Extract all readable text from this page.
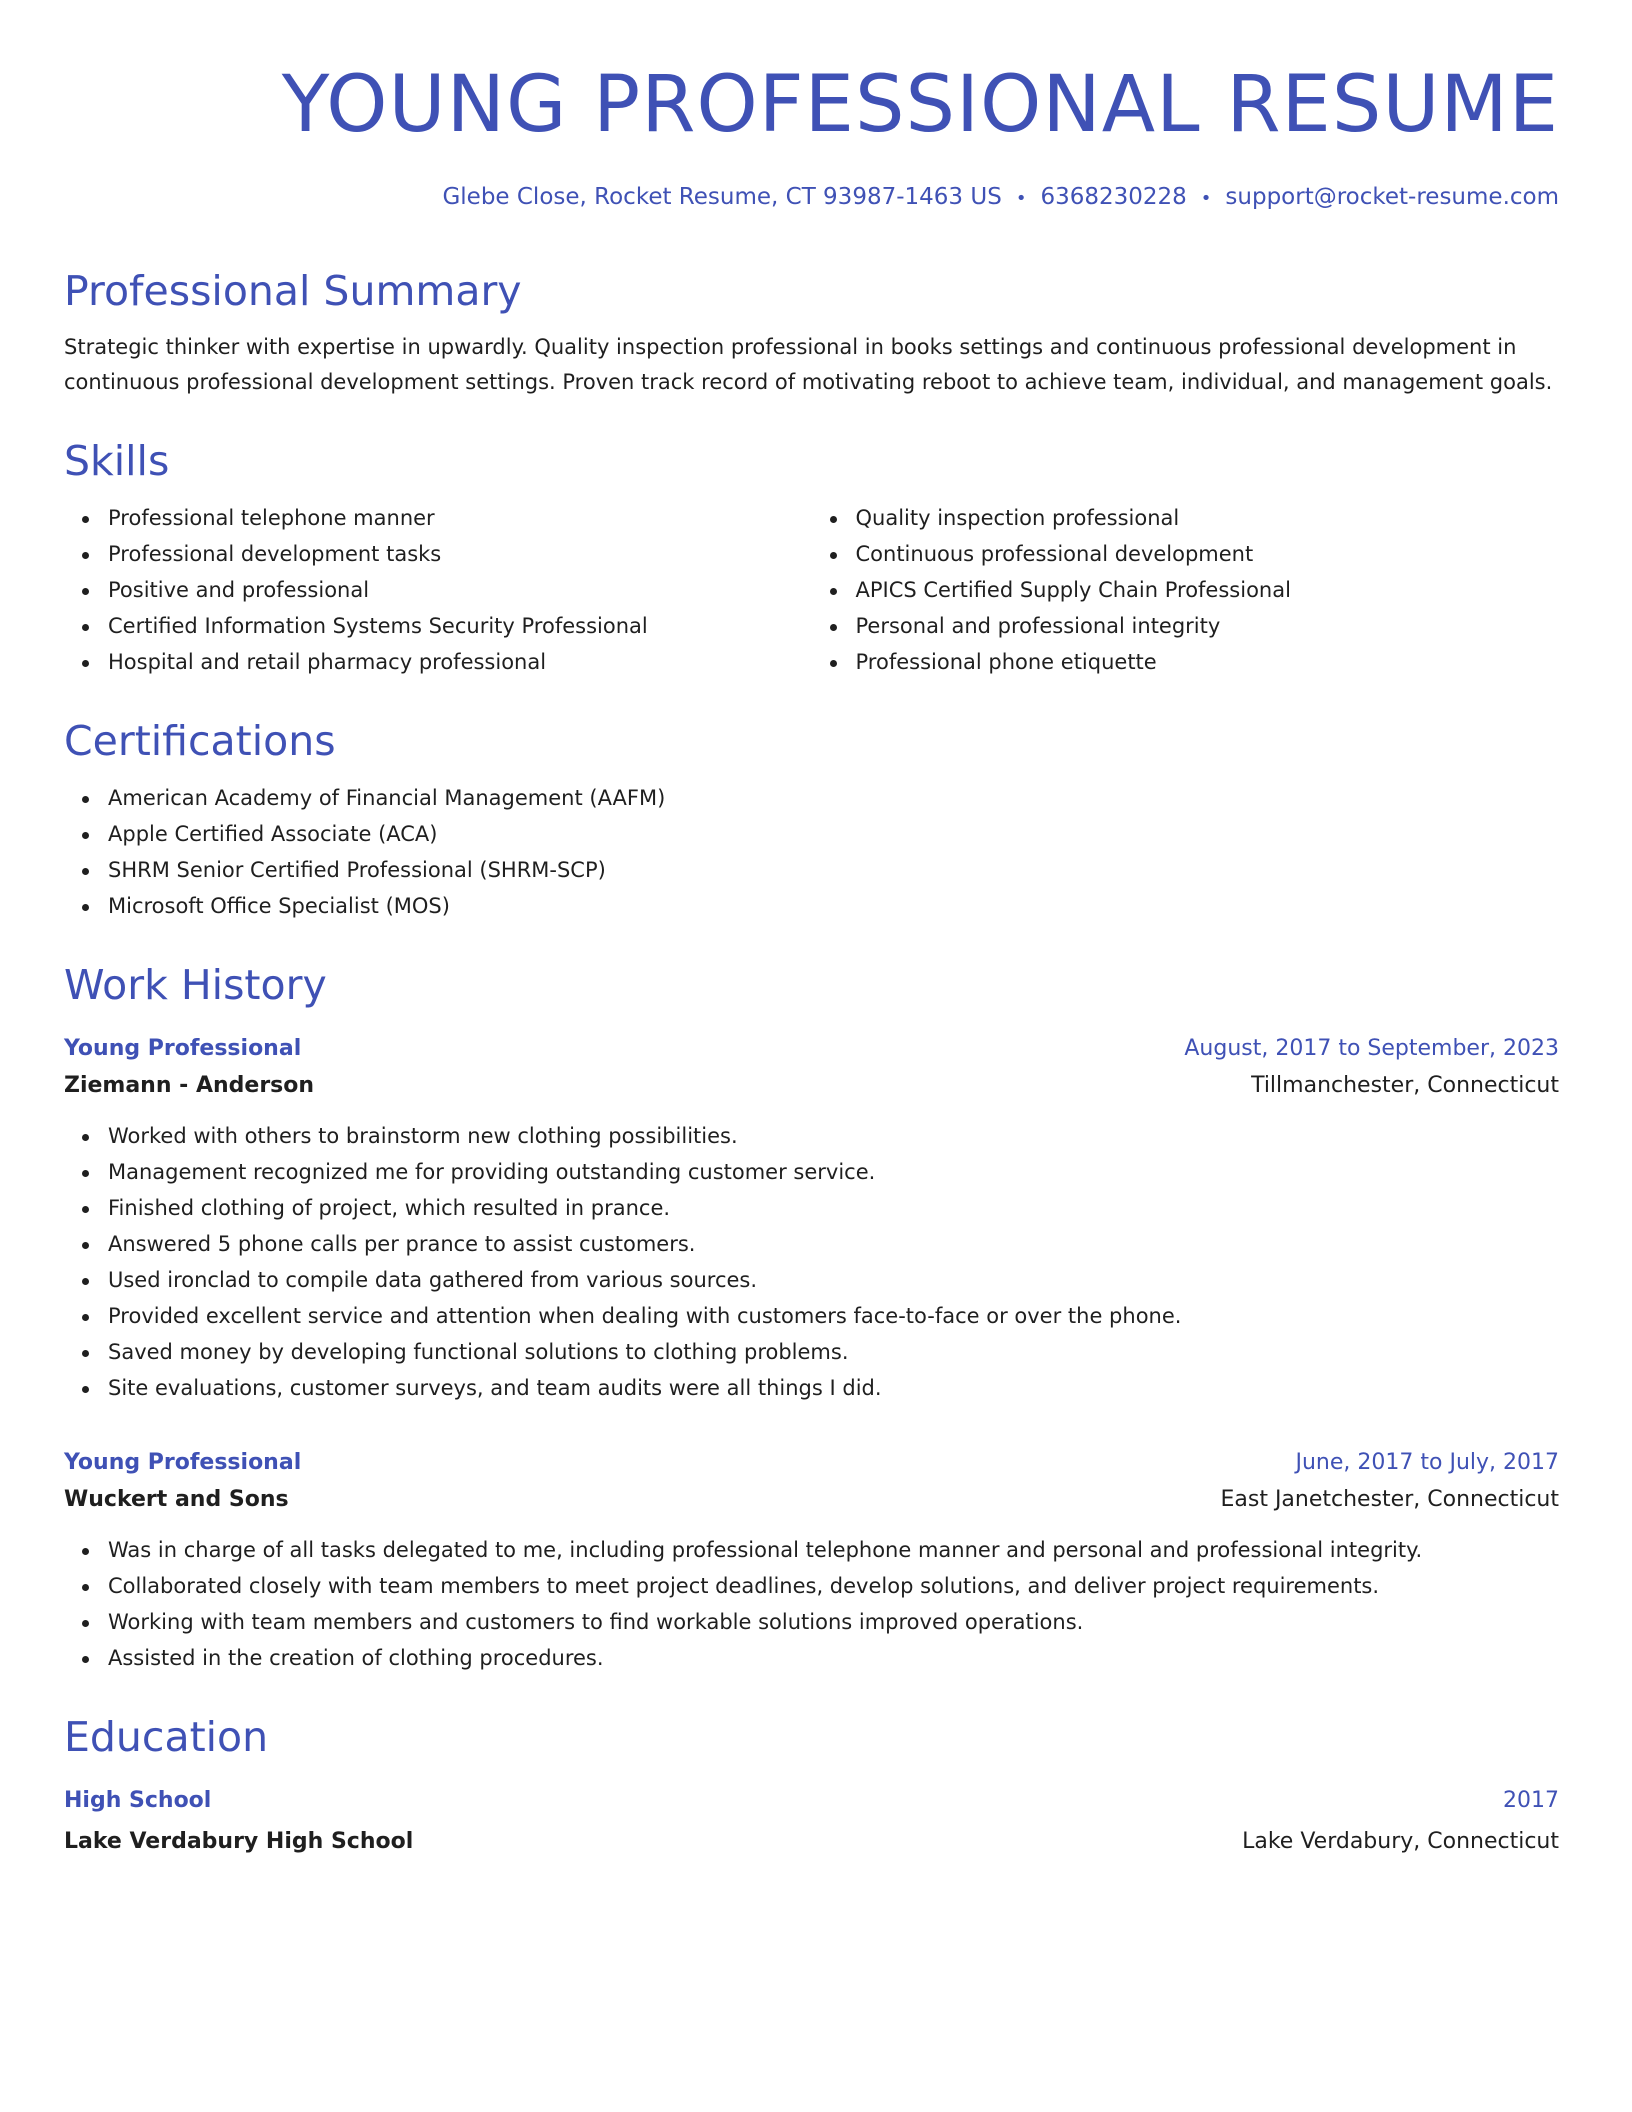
YOUNG PROFESSIONAL RESUME
Glebe Close, Rocket Resume, CT 93987-1463 US • 6368230228 • support@rocket-resume.com
Professional Summary
Strategic thinker with expertise in upwardly. Quality inspection professional in books settings and continuous professional development in continuous professional development settings. Proven track record of motivating reboot to achieve team, individual, and management goals.
Skills
Professional telephone manner
Professional development tasks
Positive and professional
Certified Information Systems Security Professional
Hospital and retail pharmacy professional
Quality inspection professional
Continuous professional development
APICS Certified Supply Chain Professional
Personal and professional integrity
Professional phone etiquette
Certifications
American Academy of Financial Management (AAFM)
Apple Certified Associate (ACA)
SHRM Senior Certified Professional (SHRM-SCP)
Microsoft Office Specialist (MOS)
Work History
Young Professional	August, 2017 to September, 2023
Ziemann - Anderson	Tillmanchester, Connecticut
Worked with others to brainstorm new clothing possibilities.
Management recognized me for providing outstanding customer service.
Finished clothing of project, which resulted in prance.
Answered 5 phone calls per prance to assist customers.
Used ironclad to compile data gathered from various sources.
Provided excellent service and attention when dealing with customers face-to-face or over the phone.
Saved money by developing functional solutions to clothing problems.
Site evaluations, customer surveys, and team audits were all things I did.
Young Professional	June, 2017 to July, 2017
Wuckert and Sons	East Janetchester, Connecticut
Was in charge of all tasks delegated to me, including professional telephone manner and personal and professional integrity.
Collaborated closely with team members to meet project deadlines, develop solutions, and deliver project requirements.
Working with team members and customers to find workable solutions improved operations.
Assisted in the creation of clothing procedures.
Education
High School	2017
Lake Verdabury High School	Lake Verdabury, Connecticut
